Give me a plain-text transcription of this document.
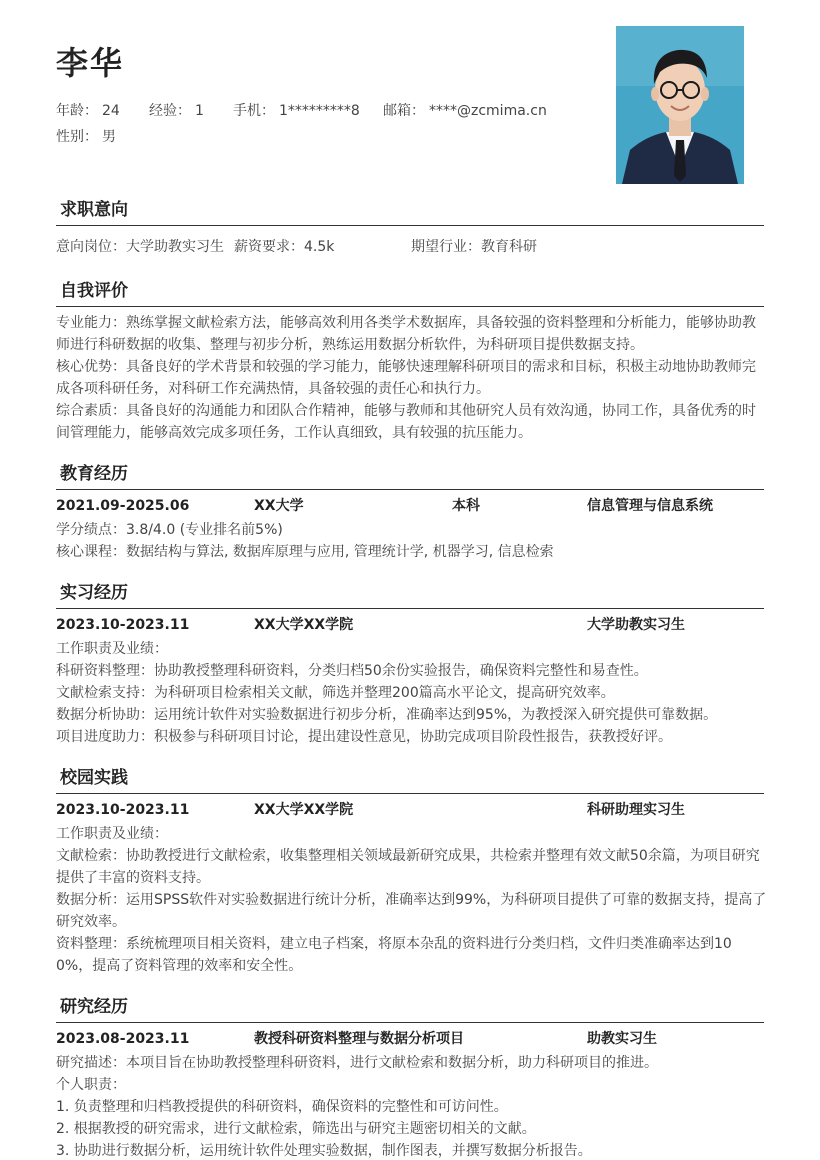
李华
年龄： 24 经验： 1 手机： 1*********8 邮箱： ****@zcmima.cn
性别： 男
求职意向
意向岗位：大学助教实习生 薪资要求：4.5k	期望行业：教育科研
自我评价
专业能力：熟练掌握文献检索方法，能够高效利用各类学术数据库，具备较强的资料整理和分析能力，能够协助教师进行科研数据的收集、整理与初步分析，熟练运用数据分析软件，为科研项目提供数据支持。
核心优势：具备良好的学术背景和较强的学习能力，能够快速理解科研项目的需求和目标，积极主动地协助教师完成各项科研任务，对科研工作充满热情，具备较强的责任心和执行力。
综合素质：具备良好的沟通能力和团队合作精神，能够与教师和其他研究人员有效沟通，协同工作，具备优秀的时间管理能力，能够高效完成多项任务，工作认真细致，具有较强的抗压能力。
教育经历
2021.09-2025.06	XX大学	本科	信息管理与信息系统
学分绩点：3.8/4.0 (专业排名前5%)
核心课程：数据结构与算法, 数据库原理与应用, 管理统计学, 机器学习, 信息检索
实习经历
2023.10-2023.11	XX大学XX学院	大学助教实习生
工作职责及业绩：
科研资料整理：协助教授整理科研资料，分类归档50余份实验报告，确保资料完整性和易查性。
文献检索支持：为科研项目检索相关文献，筛选并整理200篇高水平论文，提高研究效率。
数据分析协助：运用统计软件对实验数据进行初步分析，准确率达到95%，为教授深入研究提供可靠数据。
项目进度助力：积极参与科研项目讨论，提出建设性意见，协助完成项目阶段性报告，获教授好评。
校园实践
2023.10-2023.11	XX大学XX学院	科研助理实习生
工作职责及业绩：
文献检索：协助教授进行文献检索，收集整理相关领域最新研究成果，共检索并整理有效文献50余篇，为项目研究
提供了丰富的资料支持。
数据分析：运用SPSS软件对实验数据进行统计分析，准确率达到99%，为科研项目提供了可靠的数据支持，提高了
研究效率。
资料整理：系统梳理项目相关资料，建立电子档案，将原本杂乱的资料进行分类归档，文件归类准确率达到10
0%，提高了资料管理的效率和安全性。
研究经历
2023.08-2023.11	教授科研资料整理与数据分析项目	助教实习生
研究描述：本项目旨在协助教授整理科研资料，进行文献检索和数据分析，助力科研项目的推进。
个人职责：
1. 负责整理和归档教授提供的科研资料，确保资料的完整性和可访问性。
2. 根据教授的研究需求，进行文献检索，筛选出与研究主题密切相关的文献。
3. 协助进行数据分析，运用统计软件处理实验数据，制作图表，并撰写数据分析报告。
